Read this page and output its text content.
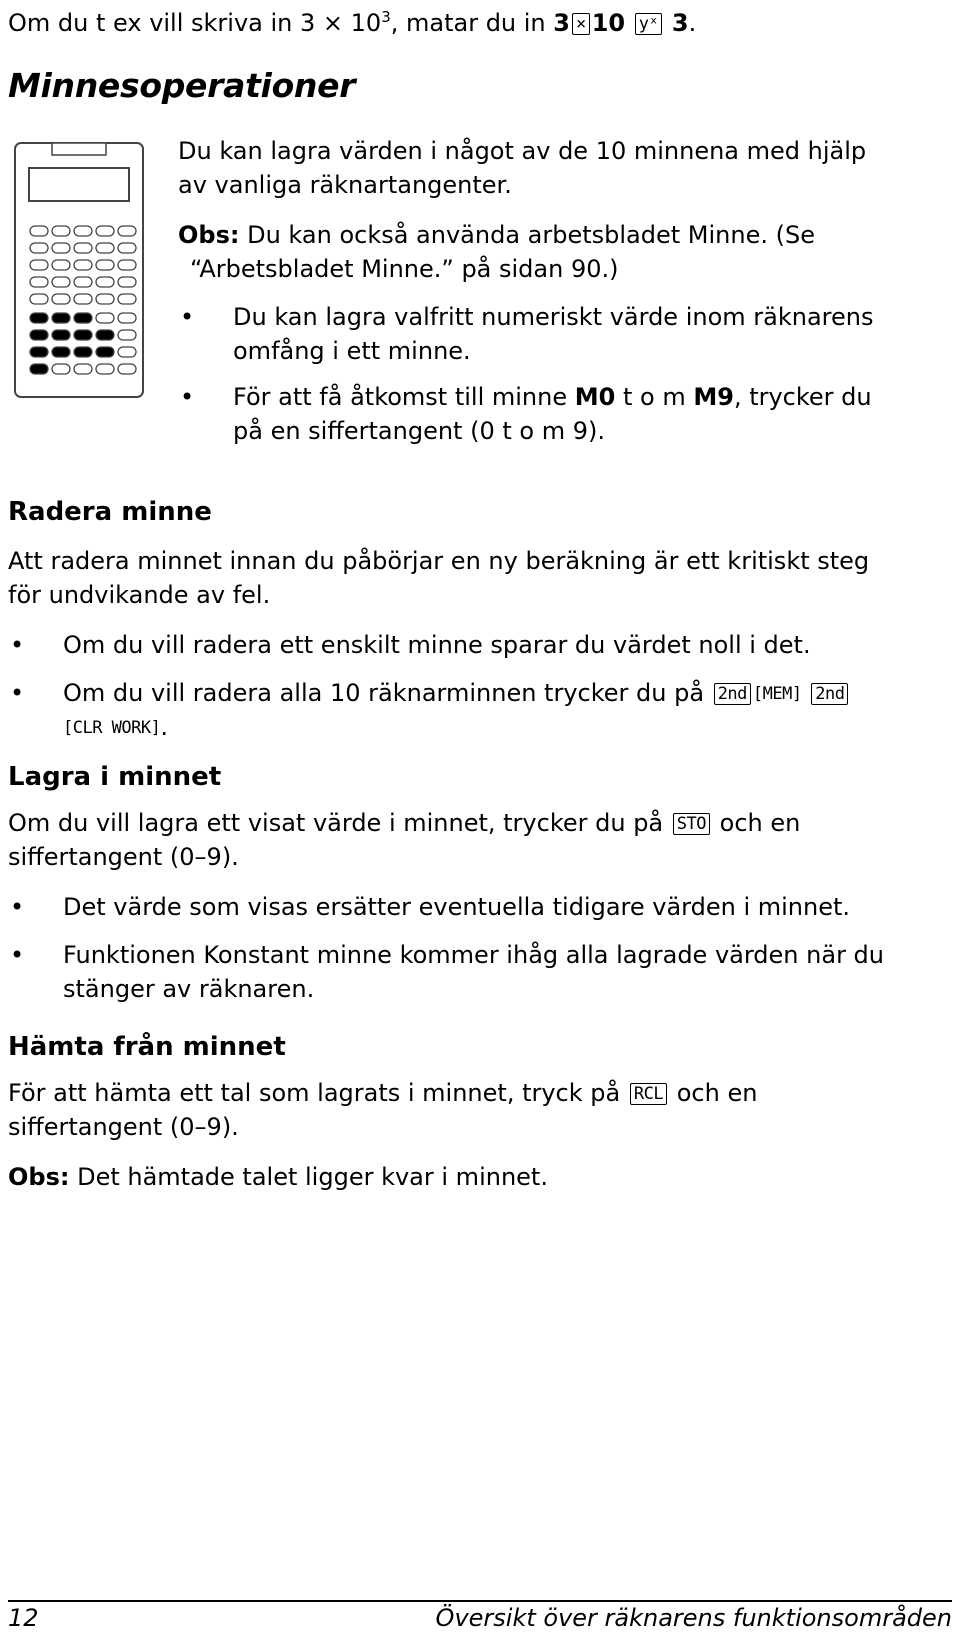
Om du t ex vill skriva in $3 \times 10^3$, matar du in 3 × 10 yˣ 3.
Minnesoperationer

Du kan lagra värden i något av de 10 minnena med hjälp

av vanliga räknartangenter.

Obs: Du kan också använda arbetsbladet Minne. (Se

“Arbetsbladet Minne.” på sidan 90.)

• Du kan lagra valfritt numeriskt värde inom räknarens
omfång i ett minne.
• För att få åtkomst till minne M0 t o m M9, trycker du
på en siffertangent (0 t o m 9).
Radera minne

Att radera minnet innan du påbörjar en ny beräkning är ett kritiskt steg

för undvikande av fel.

• Om du vill radera ett enskilt minne sparar du värdet noll i det.
• Om du vill radera alla 10 räknarminnen trycker du på 2nd [MEM] 2nd
[CLR WORK].
Lagra i minnet

Om du vill lagra ett visat värde i minnet, trycker du på STO och en

siffertangent (0–9).

• Det värde som visas ersätter eventuella tidigare värden i minnet.
• Funktionen Konstant minne kommer ihåg alla lagrade värden när du
stänger av räknaren.
Hämta från minnet

För att hämta ett tal som lagrats i minnet, tryck på RCL och en

siffertangent (0–9).

Obs: Det hämtade talet ligger kvar i minnet.

12	Översikt över räknarens funktionsområden
